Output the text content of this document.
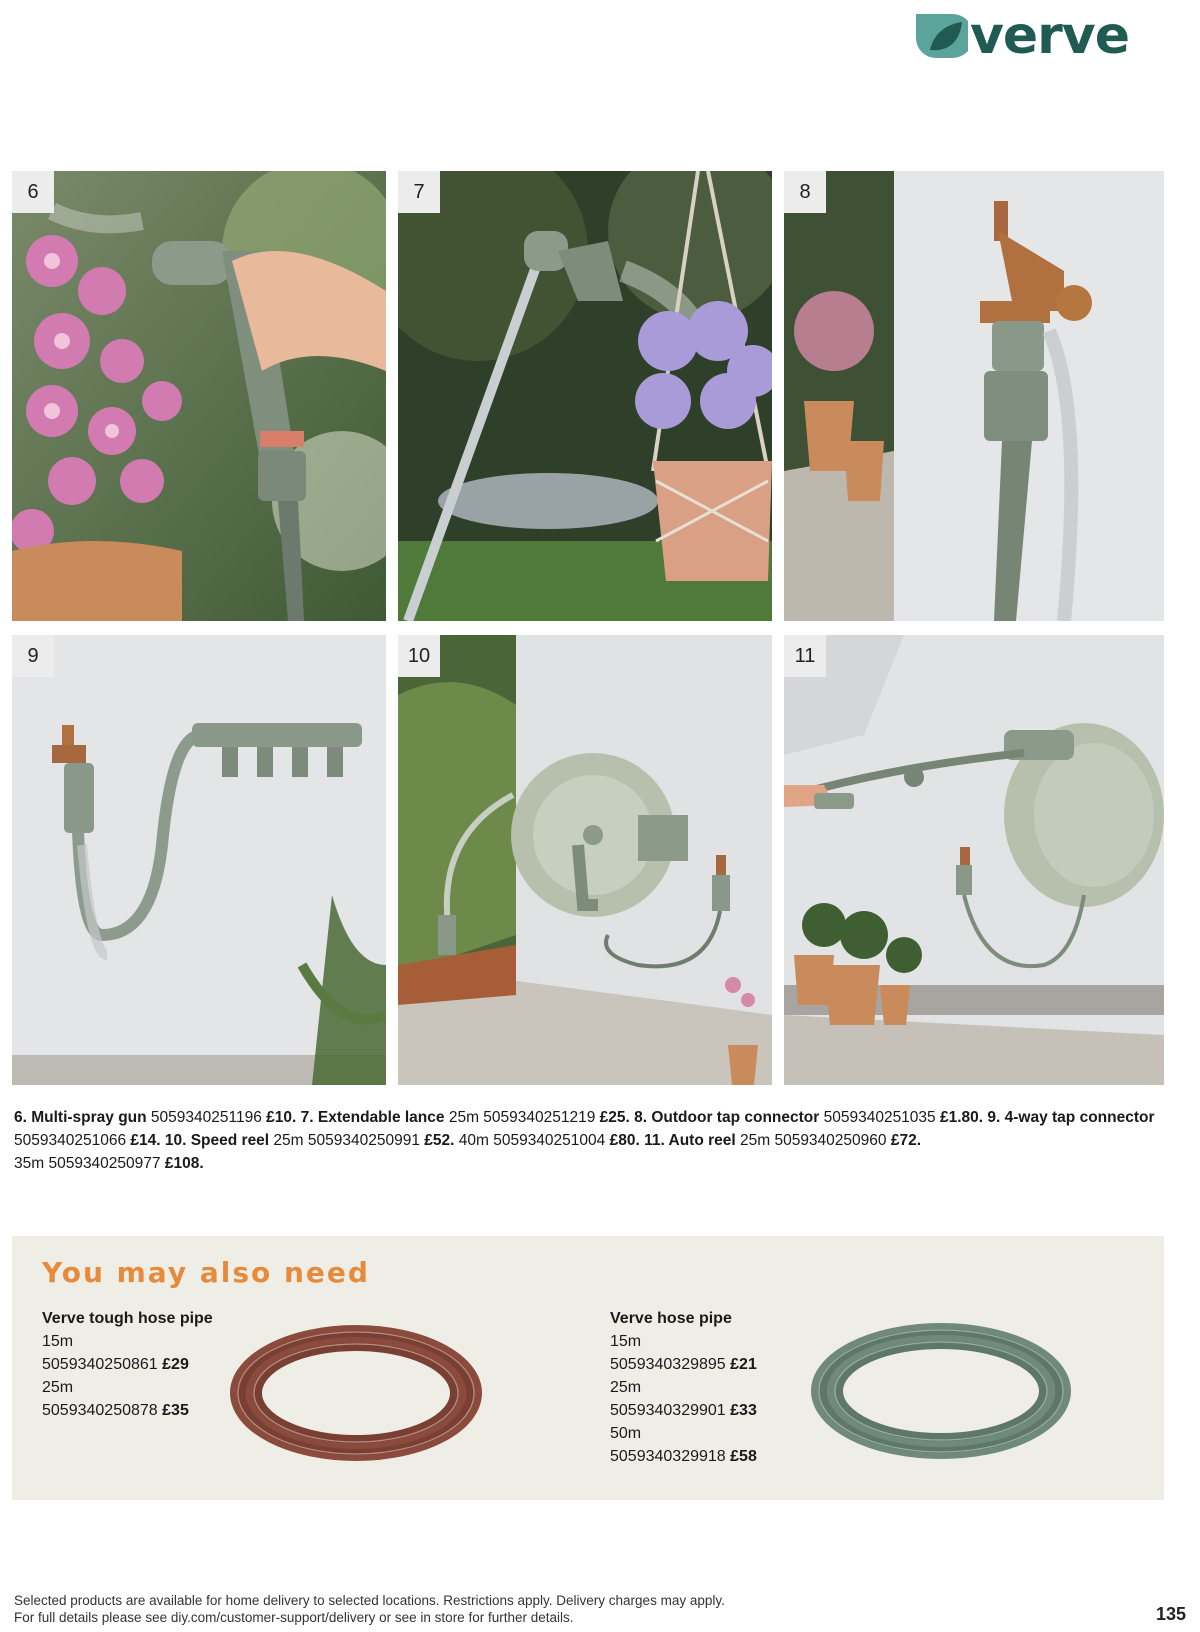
verve
6	7	8
9	10	11
6. Multi-spray gun 5059340251196 £10. 7. Extendable lance 25m 5059340251219 £25. 8. Outdoor tap connector 5059340251035 £1.80. 9. 4-way tap connector 5059340251066 £14. 10. Speed reel 25m 5059340250991 £52. 40m 5059340251004 £80. 11. Auto reel 25m 5059340250960 £72.
35m 5059340250977 £108.
You may also need
Verve tough hose pipe
15m
5059340250861 £29
25m
5059340250878 £35
Verve hose pipe
15m
5059340329895 £21
25m
5059340329901 £33
50m
5059340329918 £58
Selected products are available for home delivery to selected locations. Restrictions apply. Delivery charges may apply.
For full details please see diy.com/customer-support/delivery or see in store for further details.	135
